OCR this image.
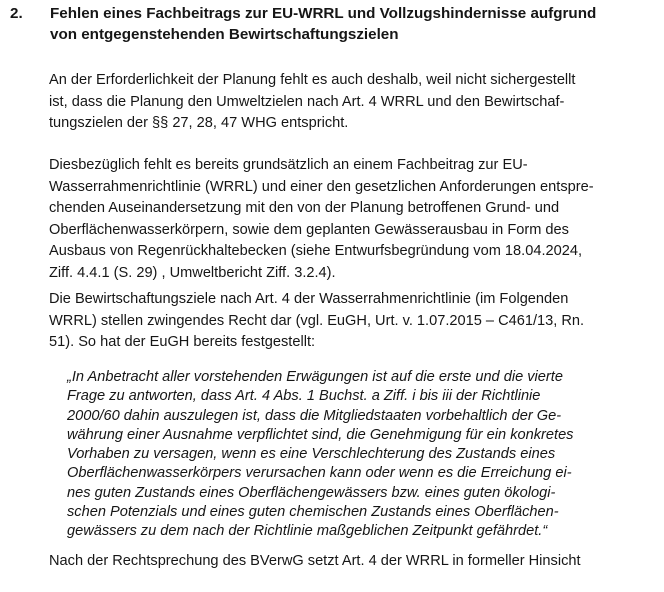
2. Fehlen eines Fachbeitrags zur EU-WRRL und Vollzugshindernisse aufgrund
von entgegenstehenden Bewirtschaftungszielen
An der Erforderlichkeit der Planung fehlt es auch deshalb, weil nicht sichergestellt
ist, dass die Planung den Umweltzielen nach Art. 4 WRRL und den Bewirtschaf-
tungszielen der §§ 27, 28, 47 WHG entspricht.
Diesbezüglich fehlt es bereits grundsätzlich an einem Fachbeitrag zur EU-
Wasserrahmenrichtlinie (WRRL) und einer den gesetzlichen Anforderungen entspre-
chenden Auseinandersetzung mit den von der Planung betroffenen Grund- und
Oberflächenwasserkörpern, sowie dem geplanten Gewässerausbau in Form des
Ausbaus von Regenrückhaltebecken (siehe Entwurfsbegründung vom 18.04.2024,
Ziff. 4.4.1 (S. 29) , Umweltbericht Ziff. 3.2.4).
Die Bewirtschaftungsziele nach Art. 4 der Wasserrahmenrichtlinie (im Folgenden
WRRL) stellen zwingendes Recht dar (vgl. EuGH, Urt. v. 1.07.2015 – C461/13, Rn.
51). So hat der EuGH bereits festgestellt:
„In Anbetracht aller vorstehenden Erwägungen ist auf die erste und die vierte
Frage zu antworten, dass Art. 4 Abs. 1 Buchst. a Ziff. i bis iii der Richtlinie
2000/60 dahin auszulegen ist, dass die Mitgliedstaaten vorbehaltlich der Ge-
währung einer Ausnahme verpflichtet sind, die Genehmigung für ein konkretes
Vorhaben zu versagen, wenn es eine Verschlechterung des Zustands eines
Oberflächenwasserkörpers verursachen kann oder wenn es die Erreichung ei-
nes guten Zustands eines Oberflächengewässers bzw. eines guten ökologi-
schen Potenzials und eines guten chemischen Zustands eines Oberflächen-
gewässers zu dem nach der Richtlinie maßgeblichen Zeitpunkt gefährdet.“
Nach der Rechtsprechung des BVerwG setzt Art. 4 der WRRL in formeller Hinsicht
